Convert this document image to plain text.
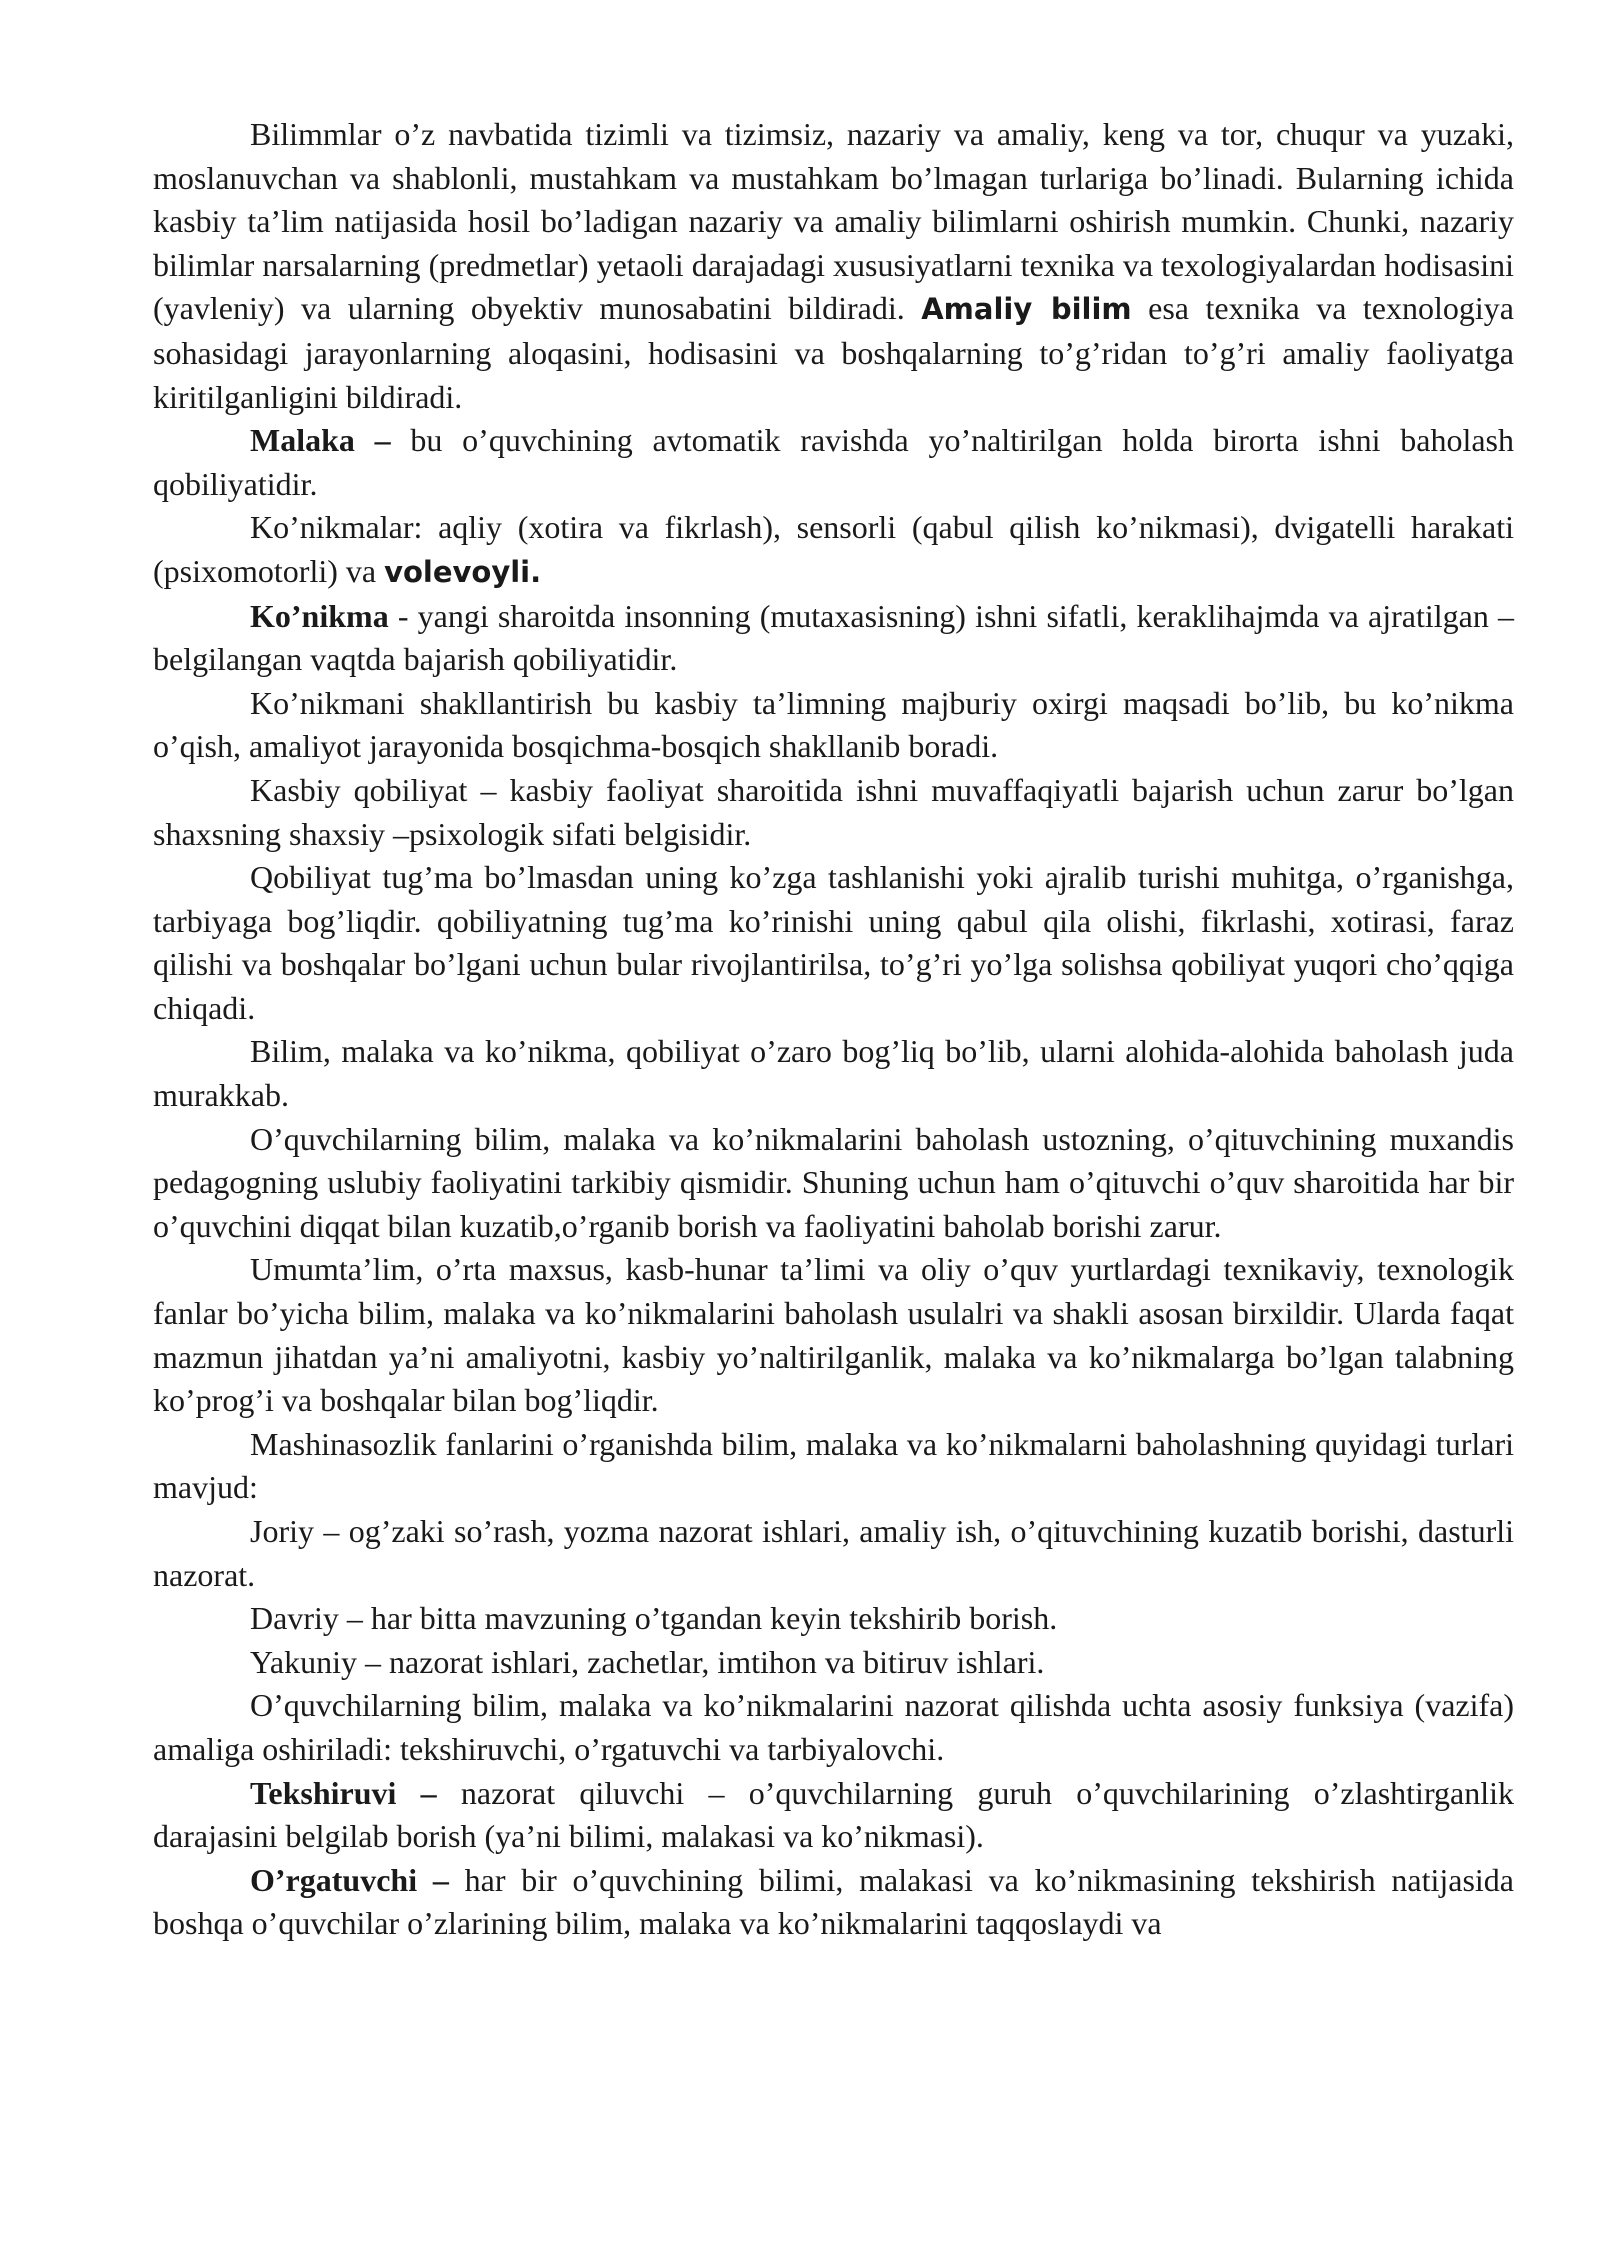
Bilimmlar o’z navbatida tizimli va tizimsiz, nazariy va amaliy, keng va tor, chuqur va yuzaki, moslanuvchan va shablonli, mustahkam va mustahkam bo’lmagan turlariga bo’linadi. Bularning ichida kasbiy ta’lim natijasida hosil bo’ladigan nazariy va amaliy bilimlarni oshirish mumkin. Chunki, nazariy bilimlar narsalarning (predmetlar) yetaoli darajadagi xususiyatlarni texnika va texologiyalardan hodisasini (yavleniy) va ularning obyektiv munosabatini bildiradi. Amaliy bilim esa texnika va texnologiya sohasidagi jarayonlarning aloqasini, hodisasini va boshqalarning to’g’ridan to’g’ri amaliy faoliyatga kiritilganligini bildiradi.

Malaka – bu o’quvchining avtomatik ravishda yo’naltirilgan holda birorta ishni baholash qobiliyatidir.

Ko’nikmalar: aqliy (xotira va fikrlash), sensorli (qabul qilish ko’nikmasi), dvigatelli harakati (psixomotorli) va volevoyli.

Ko’nikma - yangi sharoitda insonning (mutaxasisning) ishni sifatli, keraklihajmda va ajratilgan – belgilangan vaqtda bajarish qobiliyatidir.

Ko’nikmani shakllantirish bu kasbiy ta’limning majburiy oxirgi maqsadi bo’lib, bu ko’nikma o’qish, amaliyot jarayonida bosqichma-bosqich shakllanib boradi.

Kasbiy qobiliyat – kasbiy faoliyat sharoitida ishni muvaffaqiyatli bajarish uchun zarur bo’lgan shaxsning shaxsiy –psixologik sifati belgisidir.

Qobiliyat tug’ma bo’lmasdan uning ko’zga tashlanishi yoki ajralib turishi muhitga, o’rganishga, tarbiyaga bog’liqdir. qobiliyatning tug’ma ko’rinishi uning qabul qila olishi, fikrlashi, xotirasi, faraz qilishi va boshqalar bo’lgani uchun bular rivojlantirilsa, to’g’ri yo’lga solishsa qobiliyat yuqori cho’qqiga chiqadi.

Bilim, malaka va ko’nikma, qobiliyat o’zaro bog’liq bo’lib, ularni alohida-alohida baholash juda murakkab.

O’quvchilarning bilim, malaka va ko’nikmalarini baholash ustozning, o’qituvchining muxandis pedagogning uslubiy faoliyatini tarkibiy qismidir. Shuning uchun ham o’qituvchi o’quv sharoitida har bir o’quvchini diqqat bilan kuzatib,o’rganib borish va faoliyatini baholab borishi zarur.

Umumta’lim, o’rta maxsus, kasb-hunar ta’limi va oliy o’quv yurtlardagi texnikaviy, texnologik fanlar bo’yicha bilim, malaka va ko’nikmalarini baholash usulalri va shakli asosan birxildir. Ularda faqat mazmun jihatdan ya’ni amaliyotni, kasbiy yo’naltirilganlik, malaka va ko’nikmalarga bo’lgan talabning ko’prog’i va boshqalar bilan bog’liqdir.

Mashinasozlik fanlarini o’rganishda bilim, malaka va ko’nikmalarni baholashning quyidagi turlari mavjud:

Joriy – og’zaki so’rash, yozma nazorat ishlari, amaliy ish, o’qituvchining kuzatib borishi, dasturli nazorat.

Davriy – har bitta mavzuning o’tgandan keyin tekshirib borish.

Yakuniy – nazorat ishlari, zachetlar, imtihon va bitiruv ishlari.

O’quvchilarning bilim, malaka va ko’nikmalarini nazorat qilishda uchta asosiy funksiya (vazifa) amaliga oshiriladi: tekshiruvchi, o’rgatuvchi va tarbiyalovchi.

Tekshiruvi – nazorat qiluvchi – o’quvchilarning guruh o’quvchilarining o’zlashtirganlik darajasini belgilab borish (ya’ni bilimi, malakasi va ko’nikmasi).

O’rgatuvchi – har bir o’quvchining bilimi, malakasi va ko’nikmasining tekshirish natijasida boshqa o’quvchilar o’zlarining bilim, malaka va ko’nikmalarini taqqoslaydi va
